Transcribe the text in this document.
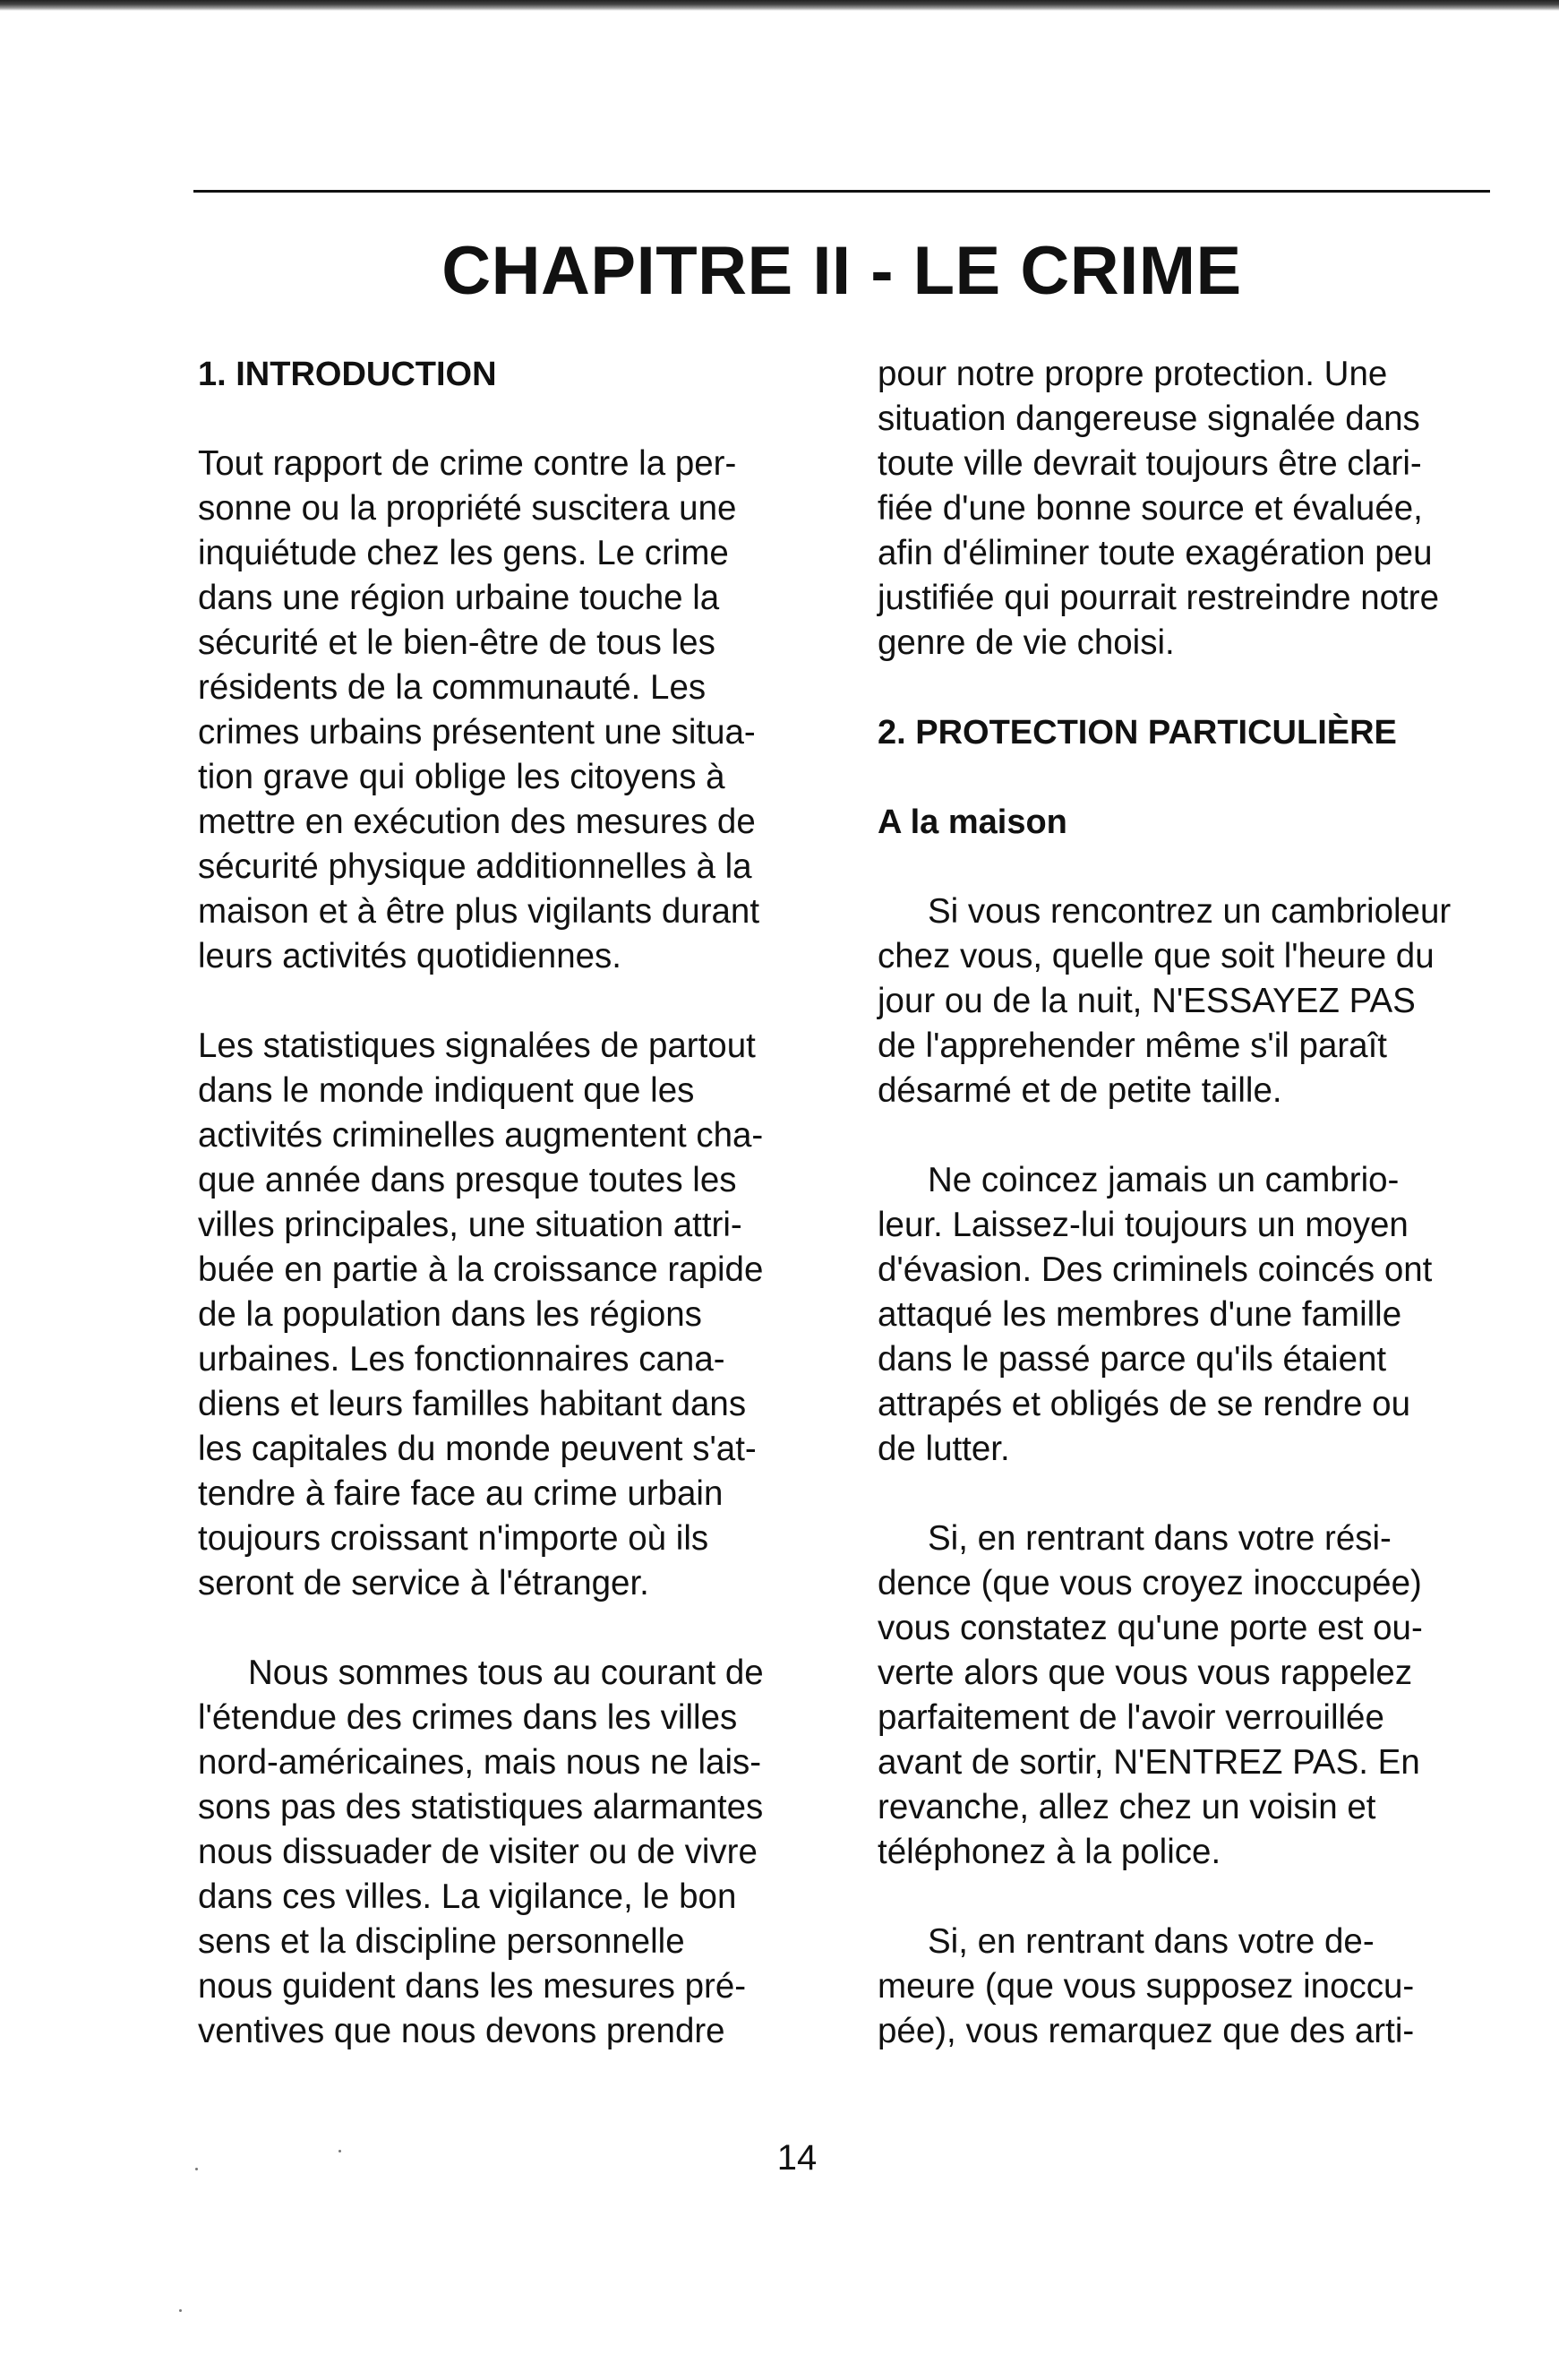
CHAPITRE II - LE CRIME
1. INTRODUCTION
Tout rapport de crime contre la per-
sonne ou la propriété suscitera une
inquiétude chez les gens. Le crime
dans une région urbaine touche la
sécurité et le bien-être de tous les
résidents de la communauté. Les
crimes urbains présentent une situa-
tion grave qui oblige les citoyens à
mettre en exécution des mesures de
sécurité physique additionnelles à la
maison et à être plus vigilants durant
leurs activités quotidiennes.
Les statistiques signalées de partout
dans le monde indiquent que les
activités criminelles augmentent cha-
que année dans presque toutes les
villes principales, une situation attri-
buée en partie à la croissance rapide
de la population dans les régions
urbaines. Les fonctionnaires cana-
diens et leurs familles habitant dans
les capitales du monde peuvent s'at-
tendre à faire face au crime urbain
toujours croissant n'importe où ils
seront de service à l'étranger.
Nous sommes tous au courant de
l'étendue des crimes dans les villes
nord-américaines, mais nous ne lais-
sons pas des statistiques alarmantes
nous dissuader de visiter ou de vivre
dans ces villes. La vigilance, le bon
sens et la discipline personnelle
nous guident dans les mesures pré-
ventives que nous devons prendre
pour notre propre protection. Une
situation dangereuse signalée dans
toute ville devrait toujours être clari-
fiée d'une bonne source et évaluée,
afin d'éliminer toute exagération peu
justifiée qui pourrait restreindre notre
genre de vie choisi.
2. PROTECTION PARTICULIÈRE
A la maison
Si vous rencontrez un cambrioleur
chez vous, quelle que soit l'heure du
jour ou de la nuit, N'ESSAYEZ PAS
de l'apprehender même s'il paraît
désarmé et de petite taille.
Ne coincez jamais un cambrio-
leur. Laissez-lui toujours un moyen
d'évasion. Des criminels coincés ont
attaqué les membres d'une famille
dans le passé parce qu'ils étaient
attrapés et obligés de se rendre ou
de lutter.
Si, en rentrant dans votre rési-
dence (que vous croyez inoccupée)
vous constatez qu'une porte est ou-
verte alors que vous vous rappelez
parfaitement de l'avoir verrouillée
avant de sortir, N'ENTREZ PAS. En
revanche, allez chez un voisin et
téléphonez à la police.
Si, en rentrant dans votre de-
meure (que vous supposez inoccu-
pée), vous remarquez que des arti-
14
